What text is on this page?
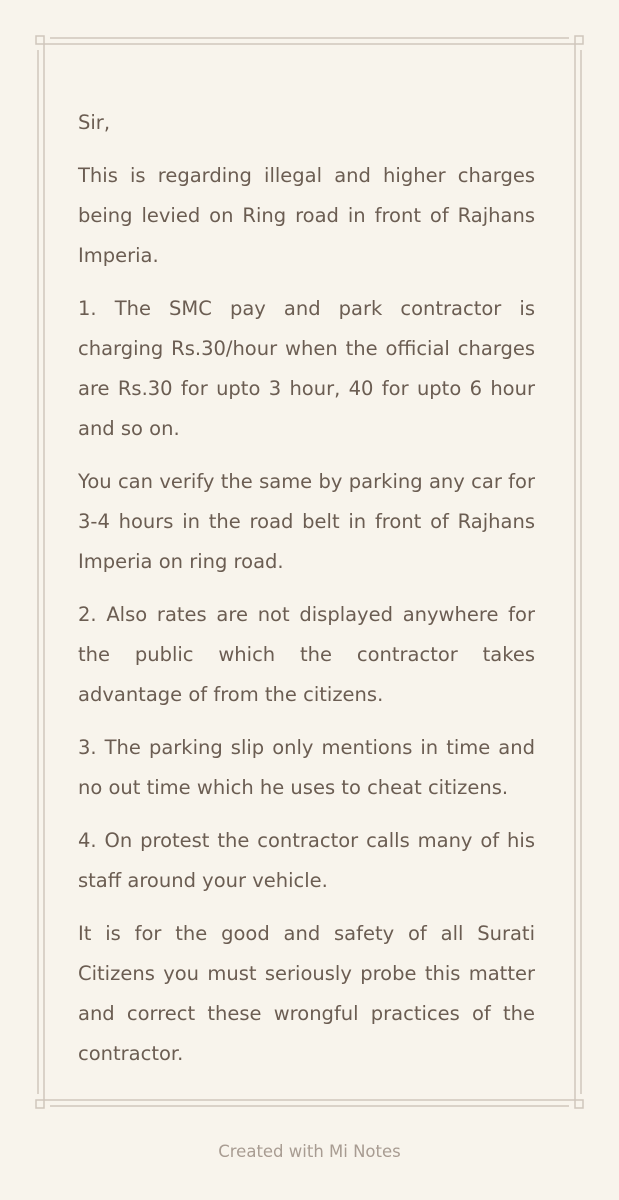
Sir,

This is regarding illegal and higher charges being levied on Ring road in front of Rajhans Imperia.

1. The SMC pay and park contractor is charging Rs.30/hour when the official charges are Rs.30 for upto 3 hour, 40 for upto 6 hour and so on.

You can verify the same by parking any car for 3-4 hours in the road belt in front of Rajhans Imperia on ring road.

2. Also rates are not displayed anywhere for the public which the contractor takes advantage of from the citizens.

3. The parking slip only mentions in time and no out time which he uses to cheat citizens.

4. On protest the contractor calls many of his staff around your vehicle.

It is for the good and safety of all Surati Citizens you must seriously probe this matter and correct these wrongful practices of the contractor.

Created with Mi Notes
